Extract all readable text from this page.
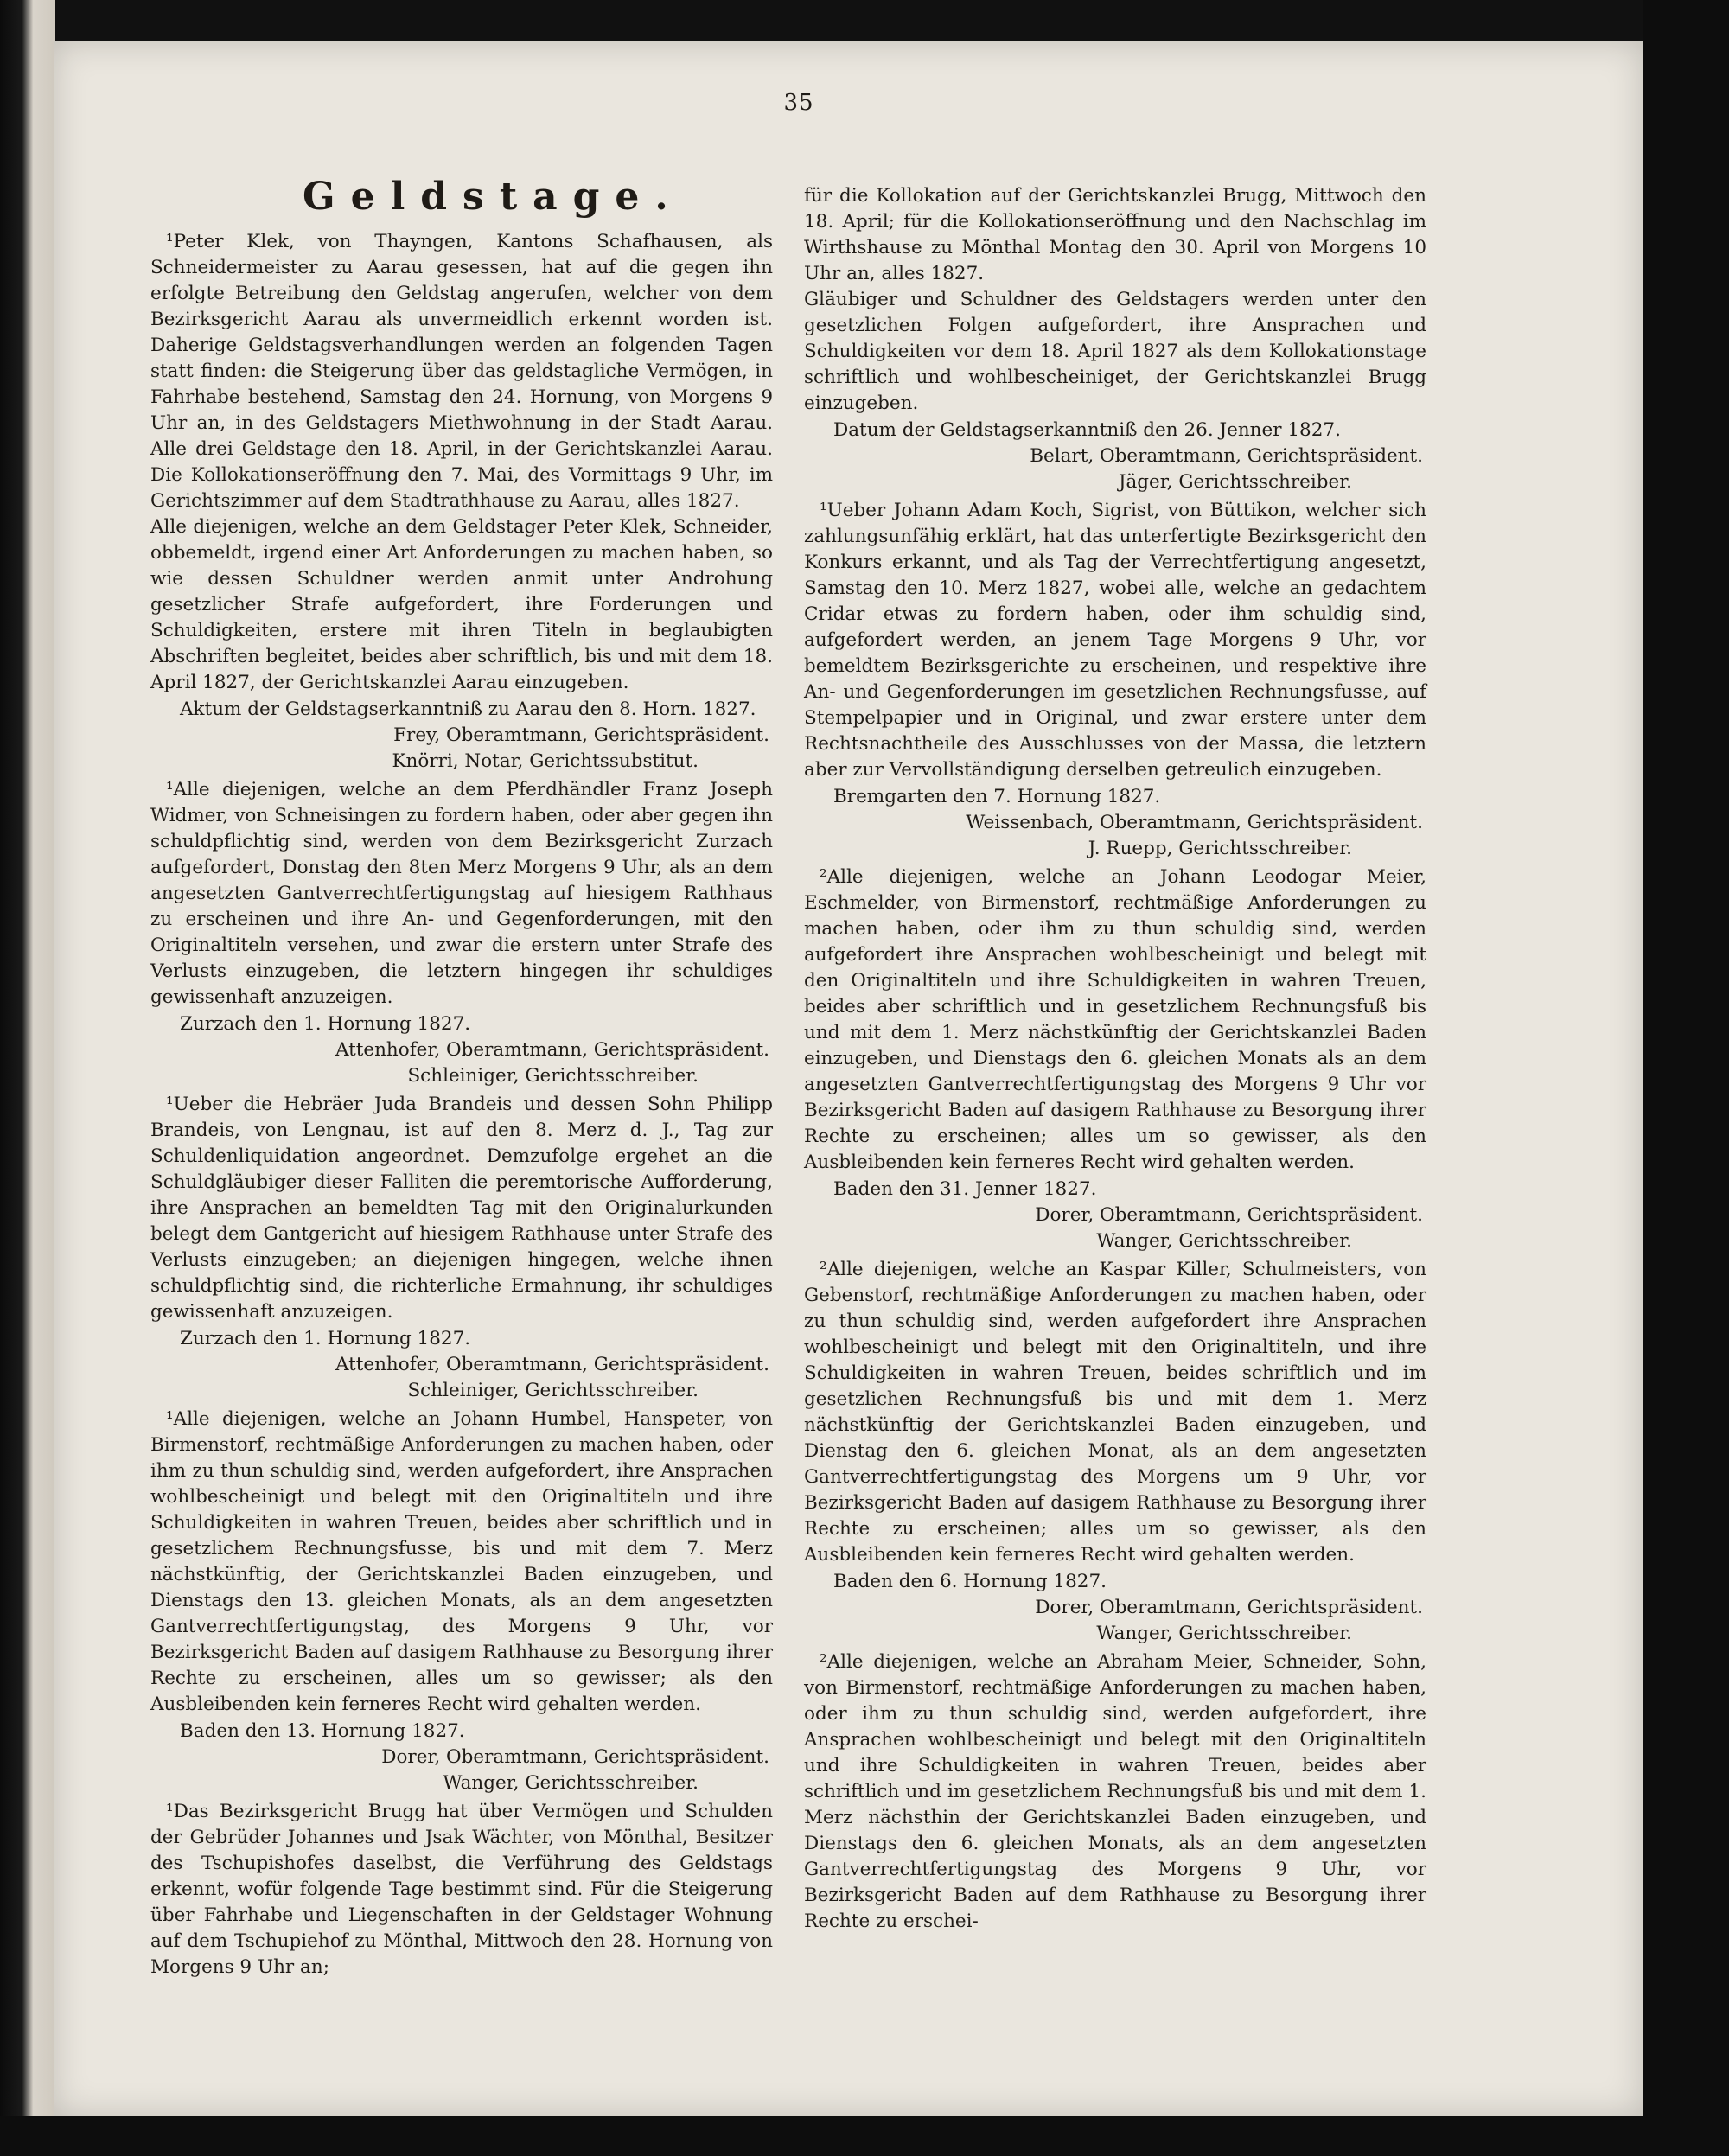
35
Geldstage.

¹Peter Klek, von Thayngen, Kantons Schafhausen, als Schneidermeister zu Aarau gesessen, hat auf die gegen ihn erfolgte Betreibung den Geldstag angerufen, welcher von dem Bezirksgericht Aarau als unvermeidlich erkennt worden ist. Daherige Geldstagsverhandlungen werden an folgenden Tagen statt finden: die Steigerung über das geldstagliche Vermögen, in Fahrhabe bestehend, Samstag den 24. Hornung, von Morgens 9 Uhr an, in des Geldstagers Miethwohnung in der Stadt Aarau. Alle drei Geldstage den 18. April, in der Gerichtskanzlei Aarau. Die Kollokationseröffnung den 7. Mai, des Vormittags 9 Uhr, im Gerichtszimmer auf dem Stadtrathhause zu Aarau, alles 1827.

Alle diejenigen, welche an dem Geldstager Peter Klek, Schneider, obbemeldt, irgend einer Art Anforderungen zu machen haben, so wie dessen Schuldner werden anmit unter Androhung gesetzlicher Strafe aufgefordert, ihre Forderungen und Schuldigkeiten, erstere mit ihren Titeln in beglaubigten Abschriften begleitet, beides aber schriftlich, bis und mit dem 18. April 1827, der Gerichtskanzlei Aarau einzugeben.

Aktum der Geldstagserkanntniß zu Aarau den 8. Horn. 1827.

Frey, Oberamtmann, Gerichtspräsident.

Knörri, Notar, Gerichtssubstitut.

¹Alle diejenigen, welche an dem Pferdhändler Franz Joseph Widmer, von Schneisingen zu fordern haben, oder aber gegen ihn schuldpflichtig sind, werden von dem Bezirksgericht Zurzach aufgefordert, Donstag den 8ten Merz Morgens 9 Uhr, als an dem angesetzten Gantverrechtfertigungstag auf hiesigem Rathhaus zu erscheinen und ihre An- und Gegenforderungen, mit den Originaltiteln versehen, und zwar die erstern unter Strafe des Verlusts einzugeben, die letztern hingegen ihr schuldiges gewissenhaft anzuzeigen.

Zurzach den 1. Hornung 1827.

Attenhofer, Oberamtmann, Gerichtspräsident.

Schleiniger, Gerichtsschreiber.

¹Ueber die Hebräer Juda Brandeis und dessen Sohn Philipp Brandeis, von Lengnau, ist auf den 8. Merz d. J., Tag zur Schuldenliquidation angeordnet. Demzufolge ergehet an die Schuldgläubiger dieser Falliten die peremtorische Aufforderung, ihre Ansprachen an bemeldten Tag mit den Originalurkunden belegt dem Gantgericht auf hiesigem Rathhause unter Strafe des Verlusts einzugeben; an diejenigen hingegen, welche ihnen schuldpflichtig sind, die richterliche Ermahnung, ihr schuldiges gewissenhaft anzuzeigen.

Zurzach den 1. Hornung 1827.

Attenhofer, Oberamtmann, Gerichtspräsident.

Schleiniger, Gerichtsschreiber.

¹Alle diejenigen, welche an Johann Humbel, Hanspeter, von Birmenstorf, rechtmäßige Anforderungen zu machen haben, oder ihm zu thun schuldig sind, werden aufgefordert, ihre Ansprachen wohlbescheinigt und belegt mit den Originaltiteln und ihre Schuldigkeiten in wahren Treuen, beides aber schriftlich und in gesetzlichem Rechnungsfusse, bis und mit dem 7. Merz nächstkünftig, der Gerichtskanzlei Baden einzugeben, und Dienstags den 13. gleichen Monats, als an dem angesetzten Gantverrechtfertigungstag, des Morgens 9 Uhr, vor Bezirksgericht Baden auf dasigem Rathhause zu Besorgung ihrer Rechte zu erscheinen, alles um so gewisser; als den Ausbleibenden kein ferneres Recht wird gehalten werden.

Baden den 13. Hornung 1827.

Dorer, Oberamtmann, Gerichtspräsident.

Wanger, Gerichtsschreiber.

¹Das Bezirksgericht Brugg hat über Vermögen und Schulden der Gebrüder Johannes und Jsak Wächter, von Mönthal, Besitzer des Tschupishofes daselbst, die Verführung des Geldstags erkennt, wofür folgende Tage bestimmt sind. Für die Steigerung über Fahrhabe und Liegenschaften in der Geldstager Wohnung auf dem Tschupiehof zu Mönthal, Mittwoch den 28. Hornung von Morgens 9 Uhr an;

für die Kollokation auf der Gerichtskanzlei Brugg, Mittwoch den 18. April; für die Kollokationseröffnung und den Nachschlag im Wirthshause zu Mönthal Montag den 30. April von Morgens 10 Uhr an, alles 1827.

Gläubiger und Schuldner des Geldstagers werden unter den gesetzlichen Folgen aufgefordert, ihre Ansprachen und Schuldigkeiten vor dem 18. April 1827 als dem Kollokationstage schriftlich und wohlbescheiniget, der Gerichtskanzlei Brugg einzugeben.

Datum der Geldstagserkanntniß den 26. Jenner 1827.

Belart, Oberamtmann, Gerichtspräsident.

Jäger, Gerichtsschreiber.

¹Ueber Johann Adam Koch, Sigrist, von Büttikon, welcher sich zahlungsunfähig erklärt, hat das unterfertigte Bezirksgericht den Konkurs erkannt, und als Tag der Verrechtfertigung angesetzt, Samstag den 10. Merz 1827, wobei alle, welche an gedachtem Cridar etwas zu fordern haben, oder ihm schuldig sind, aufgefordert werden, an jenem Tage Morgens 9 Uhr, vor bemeldtem Bezirksgerichte zu erscheinen, und respektive ihre An- und Gegenforderungen im gesetzlichen Rechnungsfusse, auf Stempelpapier und in Original, und zwar erstere unter dem Rechtsnachtheile des Ausschlusses von der Massa, die letztern aber zur Vervollständigung derselben getreulich einzugeben.

Bremgarten den 7. Hornung 1827.

Weissenbach, Oberamtmann, Gerichtspräsident.

J. Ruepp, Gerichtsschreiber.

²Alle diejenigen, welche an Johann Leodogar Meier, Eschmelder, von Birmenstorf, rechtmäßige Anforderungen zu machen haben, oder ihm zu thun schuldig sind, werden aufgefordert ihre Ansprachen wohlbescheinigt und belegt mit den Originaltiteln und ihre Schuldigkeiten in wahren Treuen, beides aber schriftlich und in gesetzlichem Rechnungsfuß bis und mit dem 1. Merz nächstkünftig der Gerichtskanzlei Baden einzugeben, und Dienstags den 6. gleichen Monats als an dem angesetzten Gantverrechtfertigungstag des Morgens 9 Uhr vor Bezirksgericht Baden auf dasigem Rathhause zu Besorgung ihrer Rechte zu erscheinen; alles um so gewisser, als den Ausbleibenden kein ferneres Recht wird gehalten werden.

Baden den 31. Jenner 1827.

Dorer, Oberamtmann, Gerichtspräsident.

Wanger, Gerichtsschreiber.

²Alle diejenigen, welche an Kaspar Killer, Schulmeisters, von Gebenstorf, rechtmäßige Anforderungen zu machen haben, oder zu thun schuldig sind, werden aufgefordert ihre Ansprachen wohlbescheinigt und belegt mit den Originaltiteln, und ihre Schuldigkeiten in wahren Treuen, beides schriftlich und im gesetzlichen Rechnungsfuß bis und mit dem 1. Merz nächstkünftig der Gerichtskanzlei Baden einzugeben, und Dienstag den 6. gleichen Monat, als an dem angesetzten Gantverrechtfertigungstag des Morgens um 9 Uhr, vor Bezirksgericht Baden auf dasigem Rathhause zu Besorgung ihrer Rechte zu erscheinen; alles um so gewisser, als den Ausbleibenden kein ferneres Recht wird gehalten werden.

Baden den 6. Hornung 1827.

Dorer, Oberamtmann, Gerichtspräsident.

Wanger, Gerichtsschreiber.

²Alle diejenigen, welche an Abraham Meier, Schneider, Sohn, von Birmenstorf, rechtmäßige Anforderungen zu machen haben, oder ihm zu thun schuldig sind, werden aufgefordert, ihre Ansprachen wohlbescheinigt und belegt mit den Originaltiteln und ihre Schuldigkeiten in wahren Treuen, beides aber schriftlich und im gesetzlichem Rechnungsfuß bis und mit dem 1. Merz nächsthin der Gerichtskanzlei Baden einzugeben, und Dienstags den 6. gleichen Monats, als an dem angesetzten Gantverrechtfertigungstag des Morgens 9 Uhr, vor Bezirksgericht Baden auf dem Rathhause zu Besorgung ihrer Rechte zu erschei-
